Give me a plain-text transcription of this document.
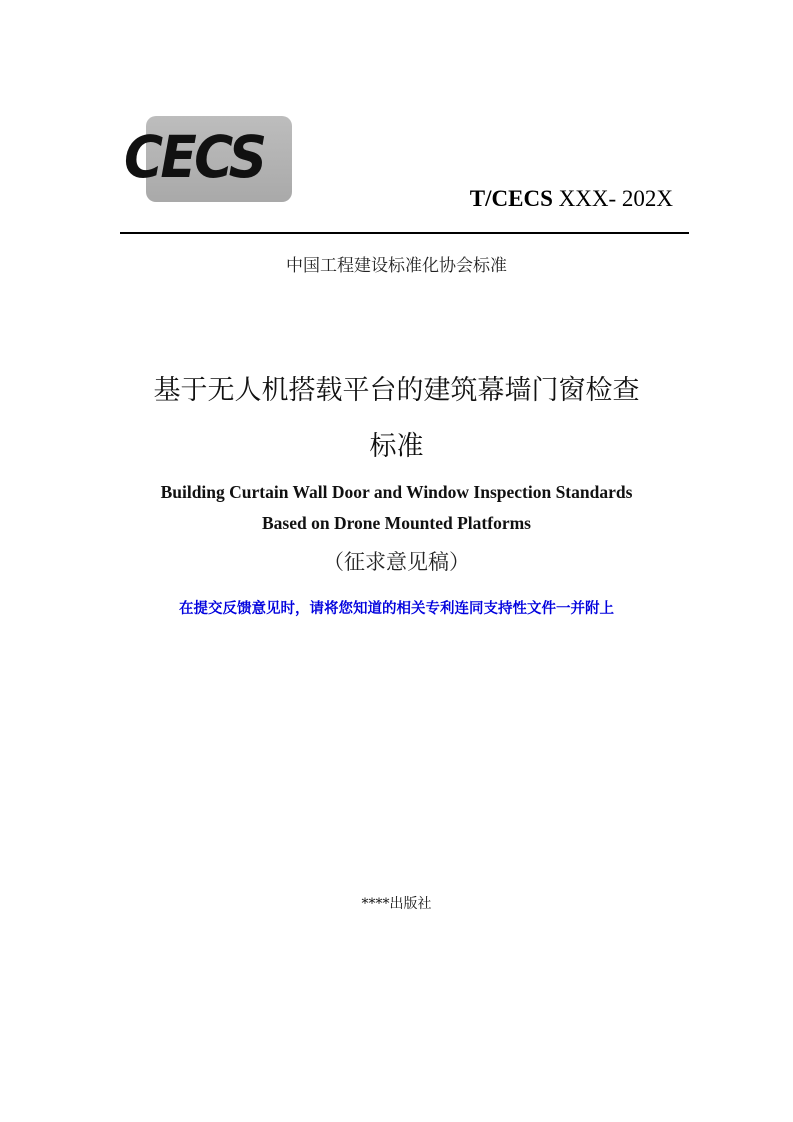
CECS
T/CECS XXX- 202X
中国工程建设标准化协会标准
基于无人机搭载平台的建筑幕墙门窗检查
标准
Building Curtain Wall Door and Window Inspection Standards
Based on Drone Mounted Platforms
（征求意见稿）
在提交反馈意见时，请将您知道的相关专利连同支持性文件一并附上
****出版社
